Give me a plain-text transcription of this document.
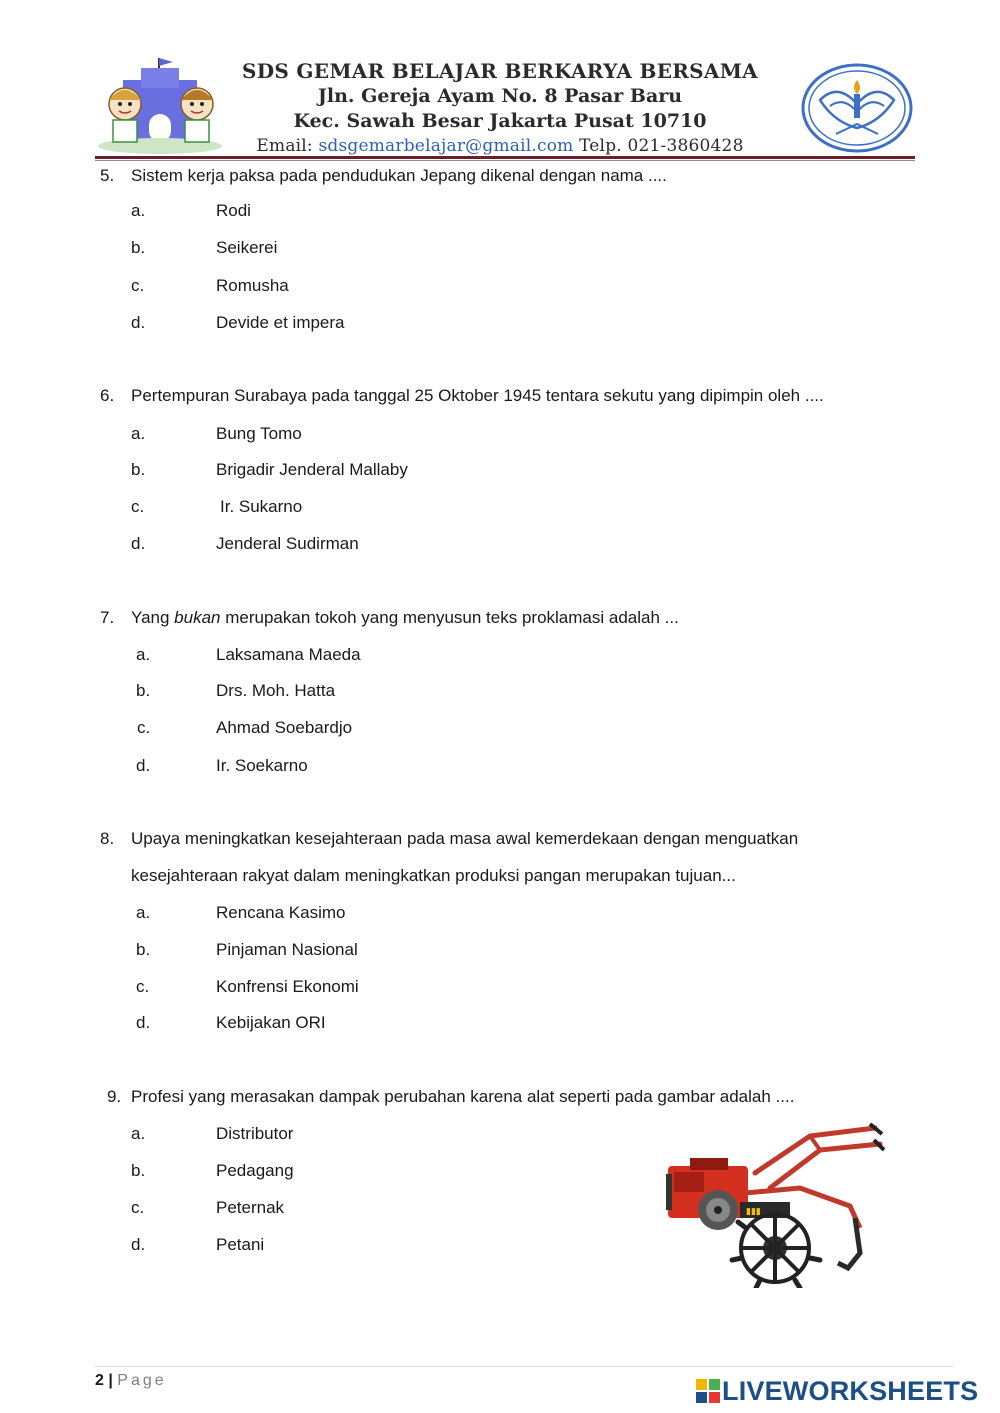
SDS GEMAR BELAJAR BERKARYA BERSAMA
Jln. Gereja Ayam No. 8 Pasar Baru
Kec. Sawah Besar Jakarta Pusat 10710
Email: sdsgemarbelajar@gmail.com Telp. 021-3860428
5. Sistem kerja paksa pada pendudukan Jepang dikenal dengan nama ....
a.	Rodi
b.	Seikerei
c.	Romusha
d.	Devide et impera
6. Pertempuran Surabaya pada tanggal 25 Oktober 1945 tentara sekutu yang dipimpin oleh ....
a.	Bung Tomo
b.	Brigadir Jenderal Mallaby
c.	Ir. Sukarno
d.	Jenderal Sudirman
7. Yang bukan merupakan tokoh yang menyusun teks proklamasi adalah ...
a.	Laksamana Maeda
b.	Drs. Moh. Hatta
c.	Ahmad Soebardjo
d.	Ir. Soekarno
8. Upaya meningkatkan kesejahteraan pada masa awal kemerdekaan dengan menguatkan
kesejahteraan rakyat dalam meningkatkan produksi pangan merupakan tujuan...
a.	Rencana Kasimo
b.	Pinjaman Nasional
c.	Konfrensi Ekonomi
d.	Kebijakan ORI
9. Profesi yang merasakan dampak perubahan karena alat seperti pada gambar adalah ....
a.	Distributor
b.	Pedagang
c.	Peternak
d.	Petani
▮▮▮
2 | Page	LIVEWORKSHEETS
